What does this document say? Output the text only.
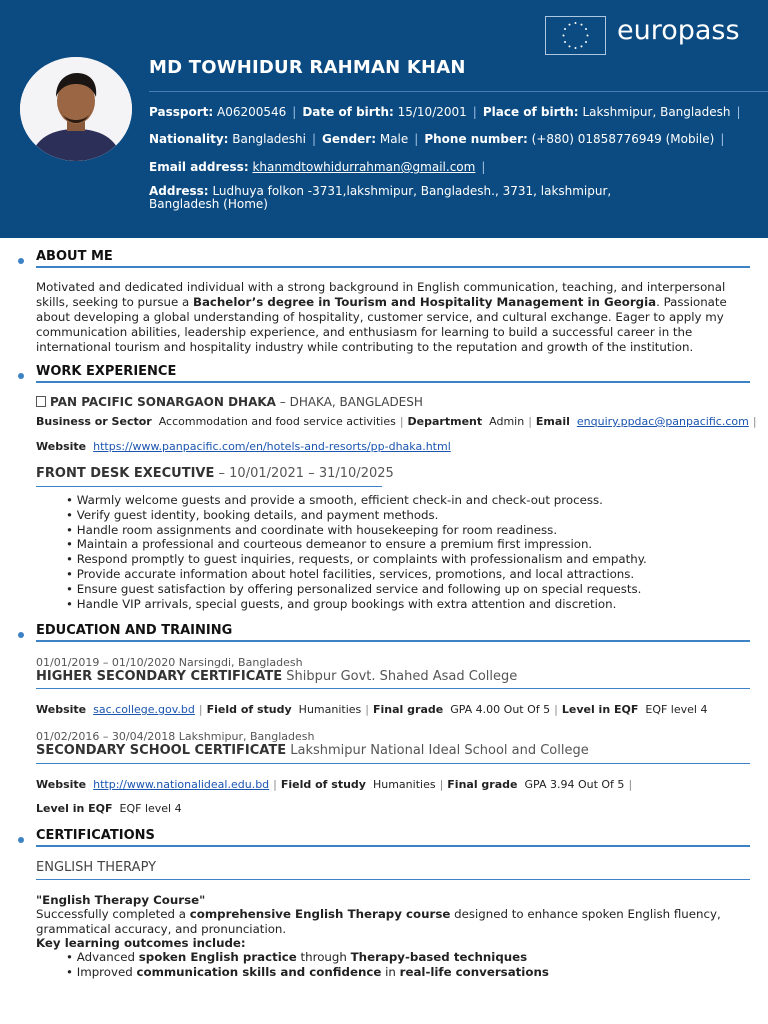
europass
MD TOWHIDUR RAHMAN KHAN
Passport: A06200546 | Date of birth: 15/10/2001 | Place of birth: Lakshmipur, Bangladesh |
Nationality: Bangladeshi | Gender: Male | Phone number: (+880) 01858776949 (Mobile) |
Email address: khanmdtowhidurrahman@gmail.com |
Address: Ludhuya folkon -3731,lakshmipur, Bangladesh., 3731, lakshmipur, Bangladesh (Home)
ABOUT ME
Motivated and dedicated individual with a strong background in English communication, teaching, and interpersonal skills, seeking to pursue a Bachelor’s degree in Tourism and Hospitality Management in Georgia. Passionate about developing a global understanding of hospitality, customer service, and cultural exchange. Eager to apply my communication abilities, leadership experience, and enthusiasm for learning to build a successful career in the international tourism and hospitality industry while contributing to the reputation and growth of the institution.
WORK EXPERIENCE
PAN PACIFIC SONARGAON DHAKA – DHAKA, BANGLADESH
Business or Sector Accommodation and food service activities | Department Admin | Email enquiry.ppdac@panpacific.com |
Website https://www.panpacific.com/en/hotels-and-resorts/pp-dhaka.html
FRONT DESK EXECUTIVE – 10/01/2021 – 31/10/2025
• Warmly welcome guests and provide a smooth, efficient check-in and check-out process.
• Verify guest identity, booking details, and payment methods.
• Handle room assignments and coordinate with housekeeping for room readiness.
• Maintain a professional and courteous demeanor to ensure a premium first impression.
• Respond promptly to guest inquiries, requests, or complaints with professionalism and empathy.
• Provide accurate information about hotel facilities, services, promotions, and local attractions.
• Ensure guest satisfaction by offering personalized service and following up on special requests.
• Handle VIP arrivals, special guests, and group bookings with extra attention and discretion.
EDUCATION AND TRAINING
01/01/2019 – 01/10/2020 Narsingdi, Bangladesh
HIGHER SECONDARY CERTIFICATE Shibpur Govt. Shahed Asad College
Website sac.college.gov.bd | Field of study Humanities | Final grade GPA 4.00 Out Of 5 | Level in EQF EQF level 4
01/02/2016 – 30/04/2018 Lakshmipur, Bangladesh
SECONDARY SCHOOL CERTIFICATE Lakshmipur National Ideal School and College
Website http://www.nationalideal.edu.bd | Field of study Humanities | Final grade GPA 3.94 Out Of 5 |
Level in EQF EQF level 4
CERTIFICATIONS
ENGLISH THERAPY
"English Therapy Course"
Successfully completed a comprehensive English Therapy course designed to enhance spoken English fluency, grammatical accuracy, and pronunciation.
Key learning outcomes include:
• Advanced spoken English practice through Therapy-based techniques
• Improved communication skills and confidence in real-life conversations
